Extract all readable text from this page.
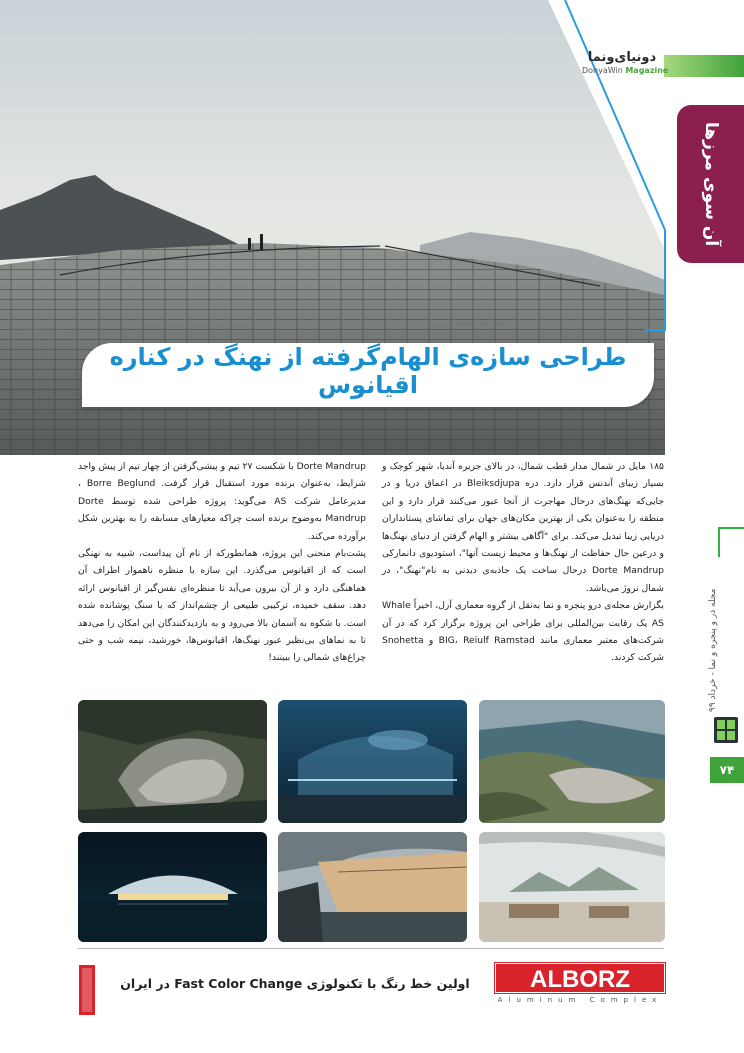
دونیای‌ونما
DonyaWin Magazine
آن سوی مرزها
طراحی سازه‌ی الهام‌گرفته از نهنگ در کناره اقیانوس

۱۸۵ مایل در شمال مدار قطب شمال، در بالای جزیره آندیا، شهر کوچک و بسیار زیبای آندنس قرار دارد. دره Bleiksdjupa در اعماق دریا و در جایی‌که نهنگ‌های درحال مهاجرت از آنجا عبور می‌کنند قرار دارد و این منطقه را به‌عنوان یکی از بهترین مکان‌های جهان برای تماشای پستانداران دریایی زیبا تبدیل می‌کند. برای "آگاهی بیشتر و الهام گرفتن از دنیای نهنگ‌ها و درعین حال حفاظت از نهنگ‌ها و محیط زیست آنها"، استودیوی دانمارکی Dorte Mandrup درحال ساخت یک جاذبه‌ی دیدنی به نام"نهنگ"، در شمال نروژ می‌باشد.

بگزارش مجله‌ی درو پنجره و نما به‌نقل از گروه معماری آرل، اخیراً Whale AS یک رقابت بین‌المللی برای طراحی این پروژه برگزار کرد که در آن شرکت‌های معتبر معماری مانند BIG، Reiulf Ramstad و Snohetta شرکت کردند.

Dorte Mandrup با شکست ۲۷ تیم و پیشی‌گرفتن از چهار تیم از پیش واجد شرایط، به‌عنوان برنده مورد استقبال قرار گرفت. Borre Beglund ، مدیرعامل شرکت AS می‌گوید: پروژه طراحی شده توسط Dorte Mandrup به‌وضوح برنده است چراکه معیارهای مسابقه را به بهترین شکل برآورده می‌کند.

پشت‌بام منحنی این پروژه، همانطورکه از نام آن پیداست، شبیه به نهنگی است که از اقیانوس می‌گذرد. این سازه با منظره ناهموار اطراف آن هماهنگی دارد و از آن بیرون می‌آید تا منظره‌ای نفس‌گیر از اقیانوس ارائه دهد. سقف خمیده، ترکیبی طبیعی از چشم‌انداز که با سنگ پوشانده شده است. با شکوه به آسمان بالا می‌رود و به بازدیدکنندگان این امکان را می‌دهد تا به نماهای بی‌نظیر عبور نهنگ‌ها، اقیانوس‌ها، خورشید، نیمه شب و حتی چراغ‌های شمالی را ببینند!

مجله در و پنجره و نما - خرداد ۹۹
۷۴
ALBORZ
Aluminum Complex
اولین خط رنگ با تکنولوژی Fast Color Change در ایران
